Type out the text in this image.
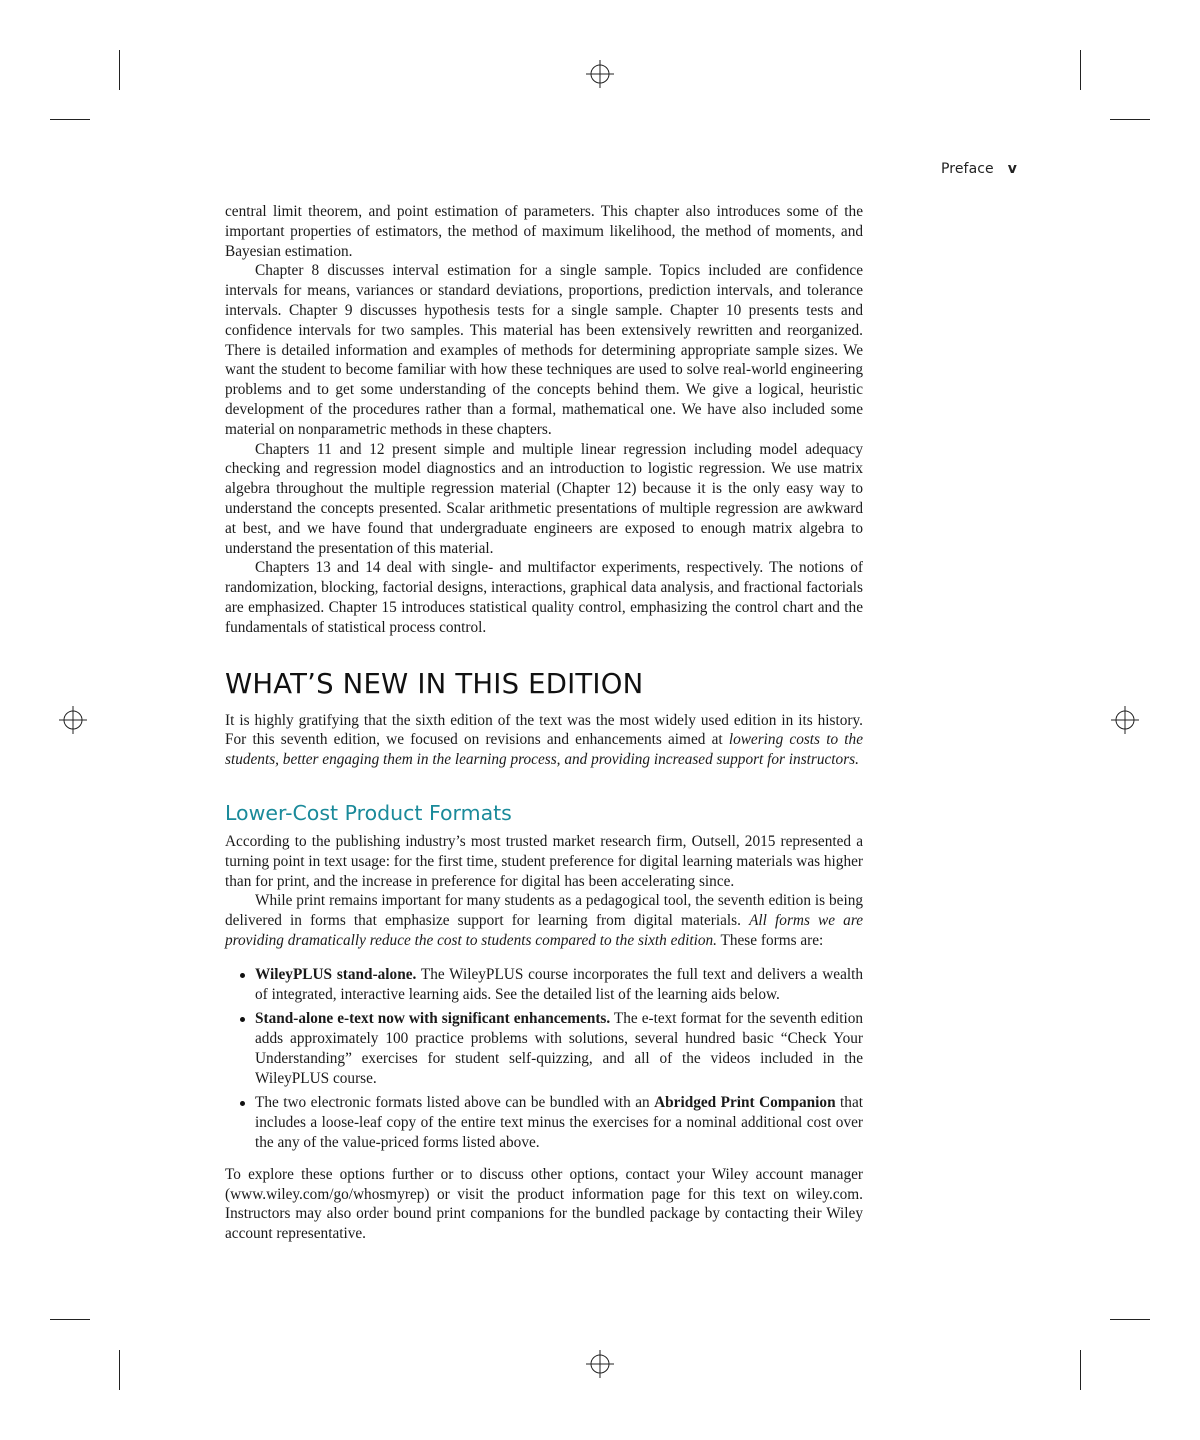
Preface v

central limit theorem, and point estimation of parameters. This chapter also introduces some of the important properties of estimators, the method of maximum likelihood, the method of moments, and Bayesian estimation.

Chapter 8 discusses interval estimation for a single sample. Topics included are confidence intervals for means, variances or standard deviations, proportions, prediction intervals, and tolerance intervals. Chapter 9 discusses hypothesis tests for a single sample. Chapter 10 presents tests and confidence intervals for two samples. This material has been extensively rewritten and reorganized. There is detailed information and examples of methods for determining appropriate sample sizes. We want the student to become familiar with how these techniques are used to solve real-world engineering problems and to get some understanding of the concepts behind them. We give a logical, heuristic development of the procedures rather than a formal, mathematical one. We have also included some material on nonparametric methods in these chapters.

Chapters 11 and 12 present simple and multiple linear regression including model adequacy checking and regression model diagnostics and an introduction to logistic regression. We use matrix algebra throughout the multiple regression material (Chapter 12) because it is the only easy way to understand the concepts presented. Scalar arithmetic presentations of multiple regression are awkward at best, and we have found that undergraduate engineers are exposed to enough matrix algebra to understand the presentation of this material.

Chapters 13 and 14 deal with single- and multifactor experiments, respectively. The notions of randomization, blocking, factorial designs, interactions, graphical data analysis, and fractional factorials are emphasized. Chapter 15 introduces statistical quality control, emphasizing the control chart and the fundamentals of statistical process control.

WHAT’S NEW IN THIS EDITION

It is highly gratifying that the sixth edition of the text was the most widely used edition in its history. For this seventh edition, we focused on revisions and enhancements aimed at lowering costs to the students, better engaging them in the learning process, and providing increased support for instructors.

Lower-Cost Product Formats

According to the publishing industry’s most trusted market research firm, Outsell, 2015 represented a turning point in text usage: for the first time, student preference for digital learning materials was higher than for print, and the increase in preference for digital has been accelerating since.

While print remains important for many students as a pedagogical tool, the seventh edition is being delivered in forms that emphasize support for learning from digital materials. All forms we are providing dramatically reduce the cost to students compared to the sixth edition. These forms are:

WileyPLUS stand-alone. The WileyPLUS course incorporates the full text and delivers a wealth of integrated, interactive learning aids. See the detailed list of the learning aids below.
Stand-alone e-text now with significant enhancements. The e-text format for the seventh edition adds approximately 100 practice problems with solutions, several hundred basic “Check Your Understanding” exercises for student self-quizzing, and all of the videos included in the WileyPLUS course.
The two electronic formats listed above can be bundled with an Abridged Print Companion that includes a loose-leaf copy of the entire text minus the exercises for a nominal additional cost over the any of the value-priced forms listed above.

To explore these options further or to discuss other options, contact your Wiley account manager (www.wiley.com/go/whosmyrep) or visit the product information page for this text on wiley.com. Instructors may also order bound print companions for the bundled package by contacting their Wiley account representative.
